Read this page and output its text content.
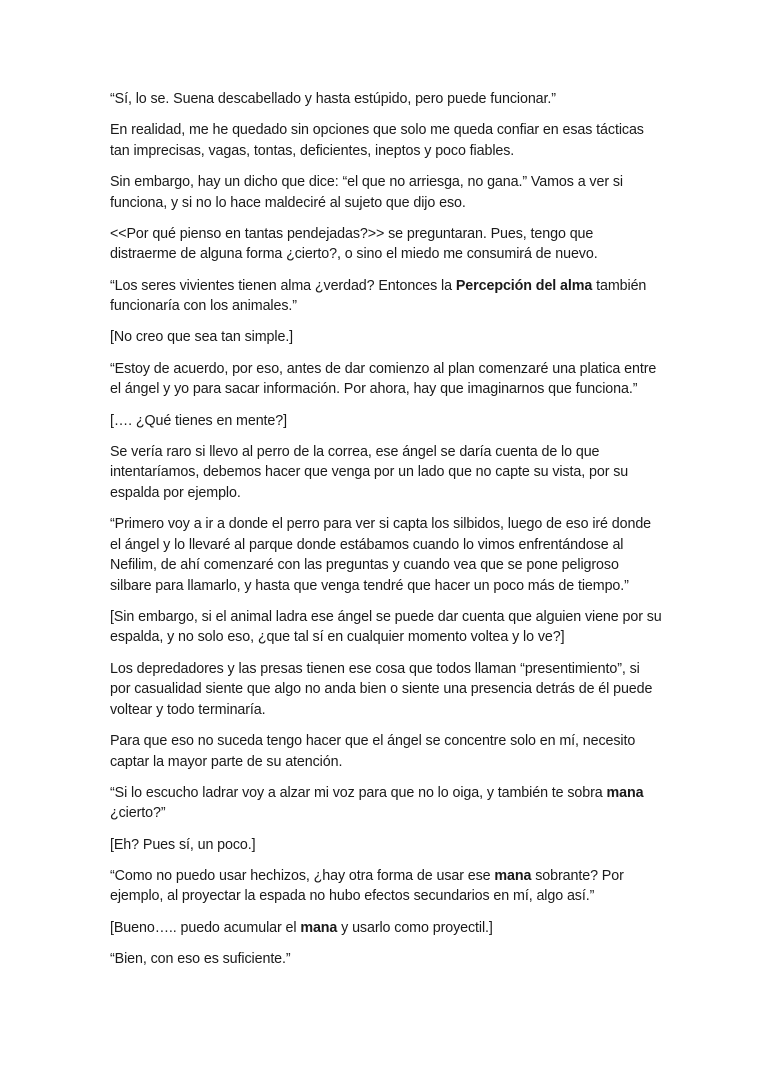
“Sí, lo se. Suena descabellado y hasta estúpido, pero puede funcionar.”

En realidad, me he quedado sin opciones que solo me queda confiar en esas tácticas tan imprecisas, vagas, tontas, deficientes, ineptos y poco fiables.

Sin embargo, hay un dicho que dice: “el que no arriesga, no gana.” Vamos a ver si funciona, y si no lo hace maldeciré al sujeto que dijo eso.

<<Por qué pienso en tantas pendejadas?>> se preguntaran. Pues, tengo que distraerme de alguna forma ¿cierto?, o sino el miedo me consumirá de nuevo.

“Los seres vivientes tienen alma ¿verdad? Entonces la Percepción del alma también funcionaría con los animales.”

[No creo que sea tan simple.]

“Estoy de acuerdo, por eso, antes de dar comienzo al plan comenzaré una platica entre el ángel y yo para sacar información. Por ahora, hay que imaginarnos que funciona.”

[…. ¿Qué tienes en mente?]

Se vería raro si llevo al perro de la correa, ese ángel se daría cuenta de lo que intentaríamos, debemos hacer que venga por un lado que no capte su vista, por su espalda por ejemplo.

“Primero voy a ir a donde el perro para ver si capta los silbidos, luego de eso iré donde el ángel y lo llevaré al parque donde estábamos cuando lo vimos enfrentándose al Nefilim, de ahí comenzaré con las preguntas y cuando vea que se pone peligroso silbare para llamarlo, y hasta que venga tendré que hacer un poco más de tiempo.”

[Sin embargo, si el animal ladra ese ángel se puede dar cuenta que alguien viene por su espalda, y no solo eso, ¿que tal sí en cualquier momento voltea y lo ve?]

Los depredadores y las presas tienen ese cosa que todos llaman “presentimiento”, si por casualidad siente que algo no anda bien o siente una presencia detrás de él puede voltear y todo terminaría.

Para que eso no suceda tengo hacer que el ángel se concentre solo en mí, necesito captar la mayor parte de su atención.

“Si lo escucho ladrar voy a alzar mi voz para que no lo oiga, y también te sobra mana ¿cierto?”

[Eh? Pues sí, un poco.]

“Como no puedo usar hechizos, ¿hay otra forma de usar ese mana sobrante? Por ejemplo, al proyectar la espada no hubo efectos secundarios en mí, algo así.”

[Bueno….. puedo acumular el mana y usarlo como proyectil.]

“Bien, con eso es suficiente.”
